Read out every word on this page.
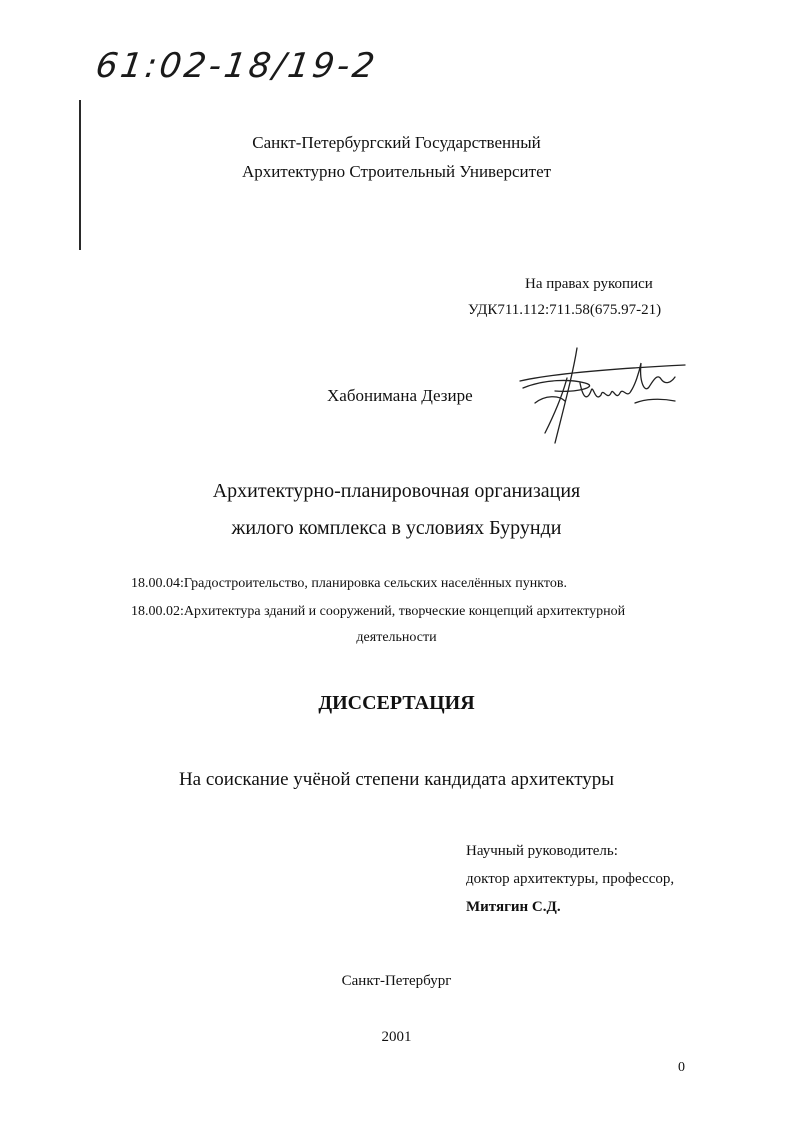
61:02-18/19-2
Санкт-Петербургский Государственный
Архитектурно Строительный Университет
На правах рукописи
УДК711.112:711.58(675.97-21)
Хабонимана Дезире
Архитектурно-планировочная организация
жилого комплекса в условиях Бурунди
18.00.04:Градостроительство, планировка сельских населённых пунктов.
18.00.02:Архитектура зданий и сооружений, творческие концепций архитектурной
деятельности
ДИССЕРТАЦИЯ
На соискание учёной степени кандидата архитектуры
Научный руководитель:
доктор архитектуры, профессор,
Митягин С.Д.
Санкт-Петербург
2001
0
